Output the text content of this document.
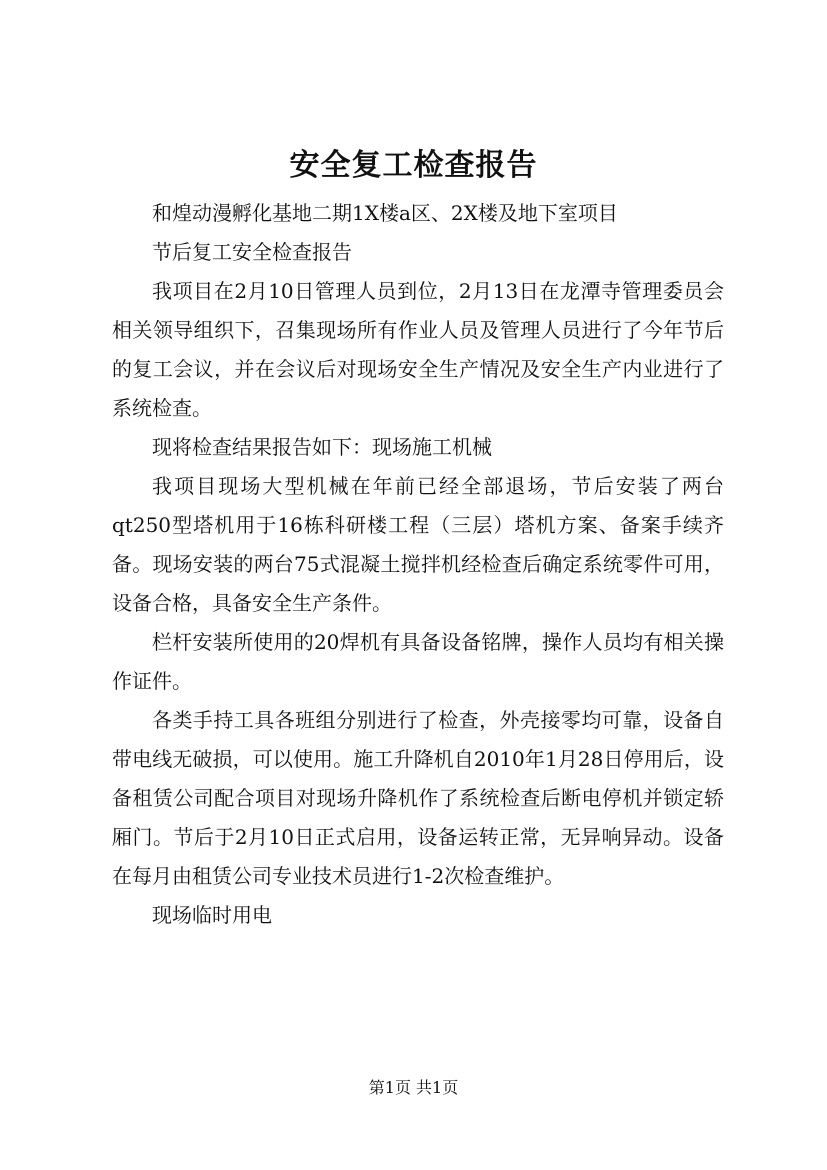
安全复工检查报告

和煌动漫孵化基地二期1X楼a区、2X楼及地下室项目

节后复工安全检查报告

我项目在2月10日管理人员到位，2月13日在龙潭寺管理委员会相关领导组织下，召集现场所有作业人员及管理人员进行了今年节后的复工会议，并在会议后对现场安全生产情况及安全生产内业进行了系统检查。

现将检查结果报告如下：现场施工机械

我项目现场大型机械在年前已经全部退场，节后安装了两台qt250型塔机用于16栋科研楼工程（三层）塔机方案、备案手续齐备。现场安装的两台75式混凝土搅拌机经检查后确定系统零件可用，设备合格，具备安全生产条件。

栏杆安装所使用的20焊机有具备设备铭牌，操作人员均有相关操作证件。

各类手持工具各班组分别进行了检查，外壳接零均可靠，设备自带电线无破损，可以使用。施工升降机自2010年1月28日停用后，设备租赁公司配合项目对现场升降机作了系统检查后断电停机并锁定轿厢门。节后于2月10日正式启用，设备运转正常，无异响异动。设备在每月由租赁公司专业技术员进行1-2次检查维护。

现场临时用电

第1页 共1页
